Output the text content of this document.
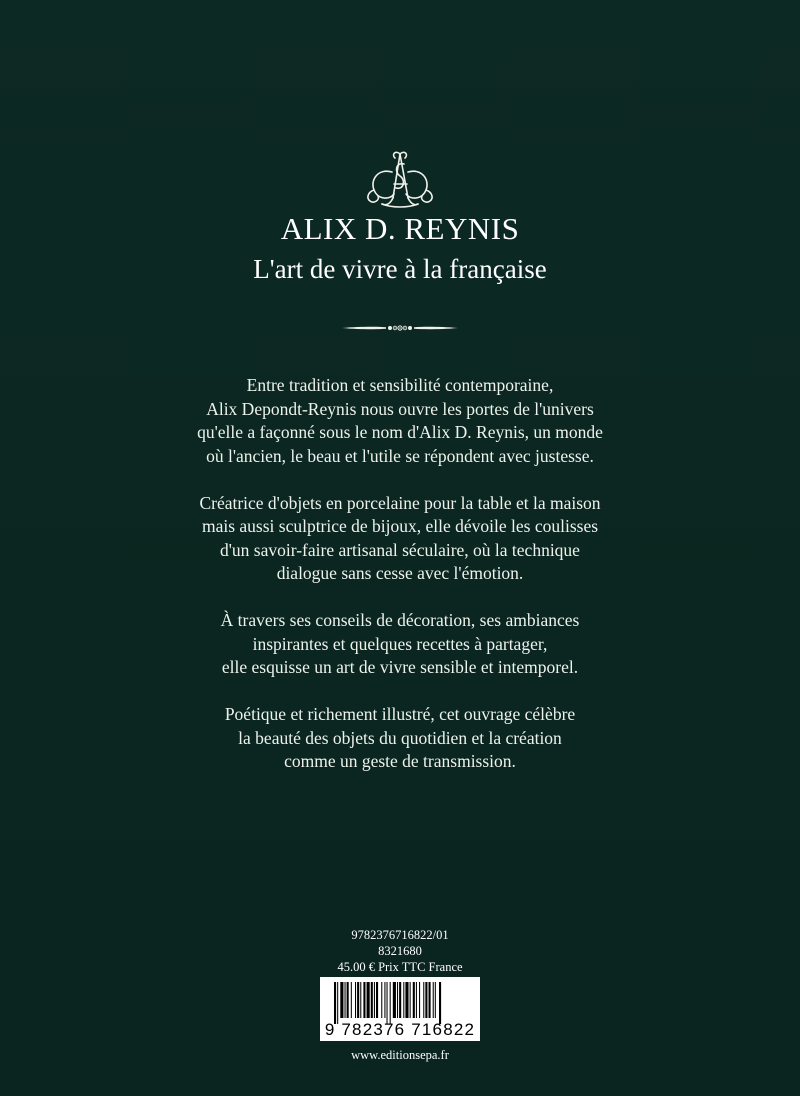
ALIX D. REYNIS
L'art de vivre à la française

Entre tradition et sensibilité contemporaine,
Alix Depondt-Reynis nous ouvre les portes de l'univers
qu'elle a façonné sous le nom d'Alix D. Reynis, un monde
où l'ancien, le beau et l'utile se répondent avec justesse.

Créatrice d'objets en porcelaine pour la table et la maison
mais aussi sculptrice de bijoux, elle dévoile les coulisses
d'un savoir-faire artisanal séculaire, où la technique
dialogue sans cesse avec l'émotion.

À travers ses conseils de décoration, ses ambiances
inspirantes et quelques recettes à partager,
elle esquisse un art de vivre sensible et intemporel.

Poétique et richement illustré, cet ouvrage célèbre
la beauté des objets du quotidien et la création
comme un geste de transmission.

9782376716822/01
8321680
45.00 € Prix TTC France
9 782376 716822
www.editionsepa.fr
